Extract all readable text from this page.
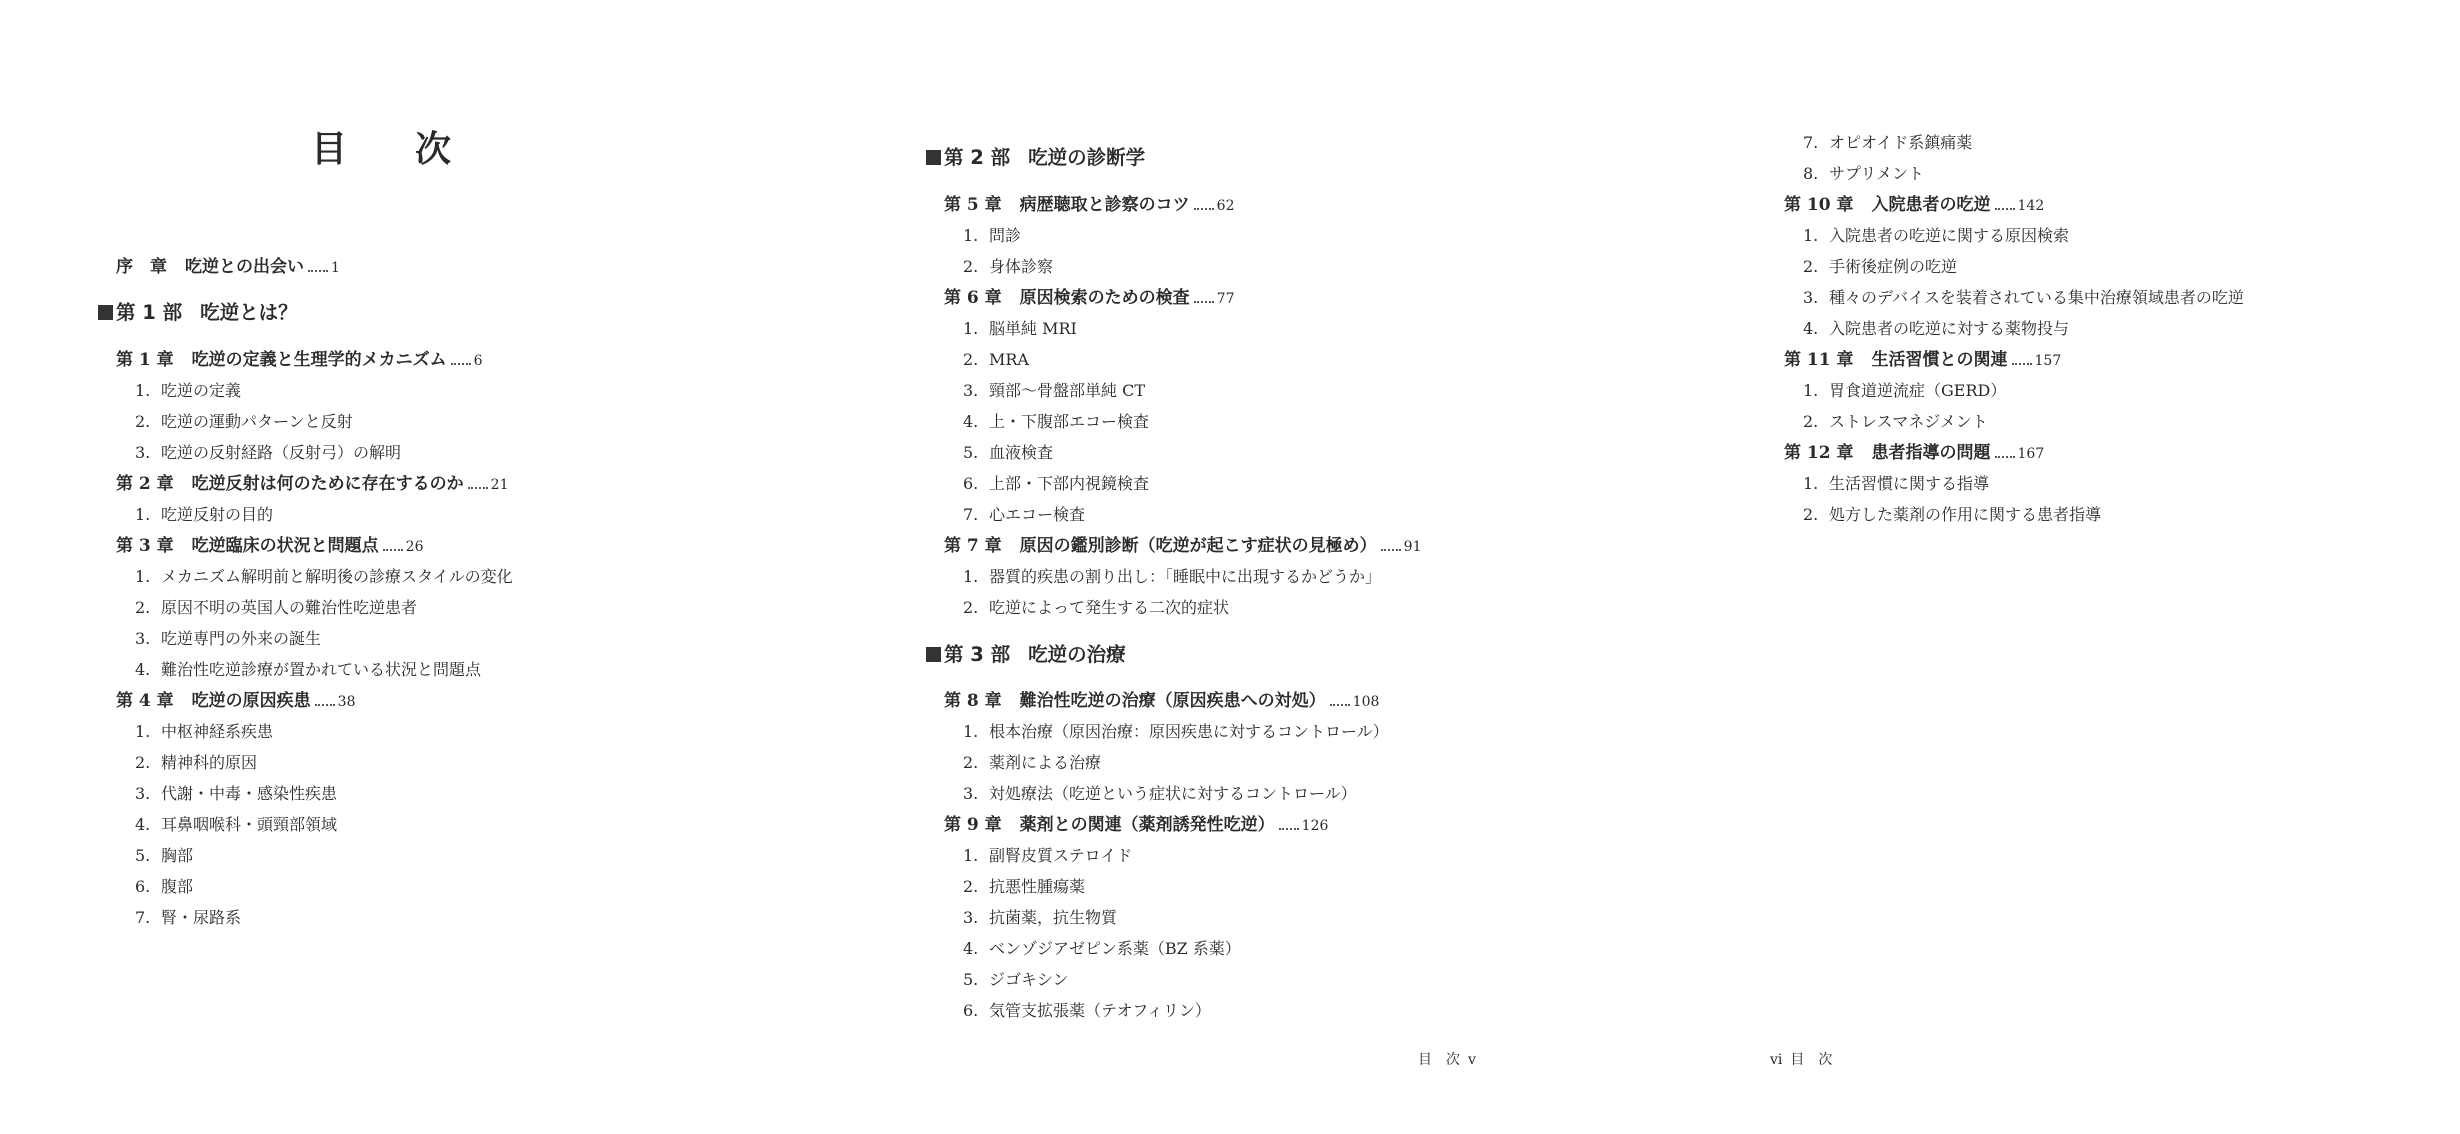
目　次
序　章 吃逆との出会い 1
第 1 部 吃逆とは？
第 1 章 吃逆の定義と生理学的メカニズム 6
1. 吃逆の定義
2. 吃逆の運動パターンと反射
3. 吃逆の反射経路（反射弓）の解明
第 2 章 吃逆反射は何のために存在するのか 21
1. 吃逆反射の目的
第 3 章 吃逆臨床の状況と問題点 26
1. メカニズム解明前と解明後の診療スタイルの変化
2. 原因不明の英国人の難治性吃逆患者
3. 吃逆専門の外来の誕生
4. 難治性吃逆診療が置かれている状況と問題点
第 4 章 吃逆の原因疾患 38
1. 中枢神経系疾患
2. 精神科的原因
3. 代謝・中毒・感染性疾患
4. 耳鼻咽喉科・頭頸部領域
5. 胸部
6. 腹部
7. 腎・尿路系
第 2 部 吃逆の診断学
第 5 章 病歴聴取と診察のコツ 62
1. 問診
2. 身体診察
第 6 章 原因検索のための検査 77
1. 脳単純 MRI
2. MRA
3. 頸部〜骨盤部単純 CT
4. 上・下腹部エコー検査
5. 血液検査
6. 上部・下部内視鏡検査
7. 心エコー検査
第 7 章 原因の鑑別診断（吃逆が起こす症状の見極め） 91
1. 器質的疾患の割り出し：「睡眠中に出現するかどうか」
2. 吃逆によって発生する二次的症状
第 3 部 吃逆の治療
第 8 章 難治性吃逆の治療（原因疾患への対処） 108
1. 根本治療（原因治療：原因疾患に対するコントロール）
2. 薬剤による治療
3. 対処療法（吃逆という症状に対するコントロール）
第 9 章 薬剤との関連（薬剤誘発性吃逆） 126
1. 副腎皮質ステロイド
2. 抗悪性腫瘍薬
3. 抗菌薬，抗生物質
4. ベンゾジアゼピン系薬（BZ 系薬）
5. ジゴキシン
6. 気管支拡張薬（テオフィリン）
目　次 v
7. オピオイド系鎮痛薬
8. サプリメント
第 10 章 入院患者の吃逆 142
1. 入院患者の吃逆に関する原因検索
2. 手術後症例の吃逆
3. 種々のデバイスを装着されている集中治療領域患者の吃逆
4. 入院患者の吃逆に対する薬物投与
第 11 章 生活習慣との関連 157
1. 胃食道逆流症（GERD）
2. ストレスマネジメント
第 12 章 患者指導の問題 167
1. 生活習慣に関する指導
2. 処方した薬剤の作用に関する患者指導
vi 目　次
